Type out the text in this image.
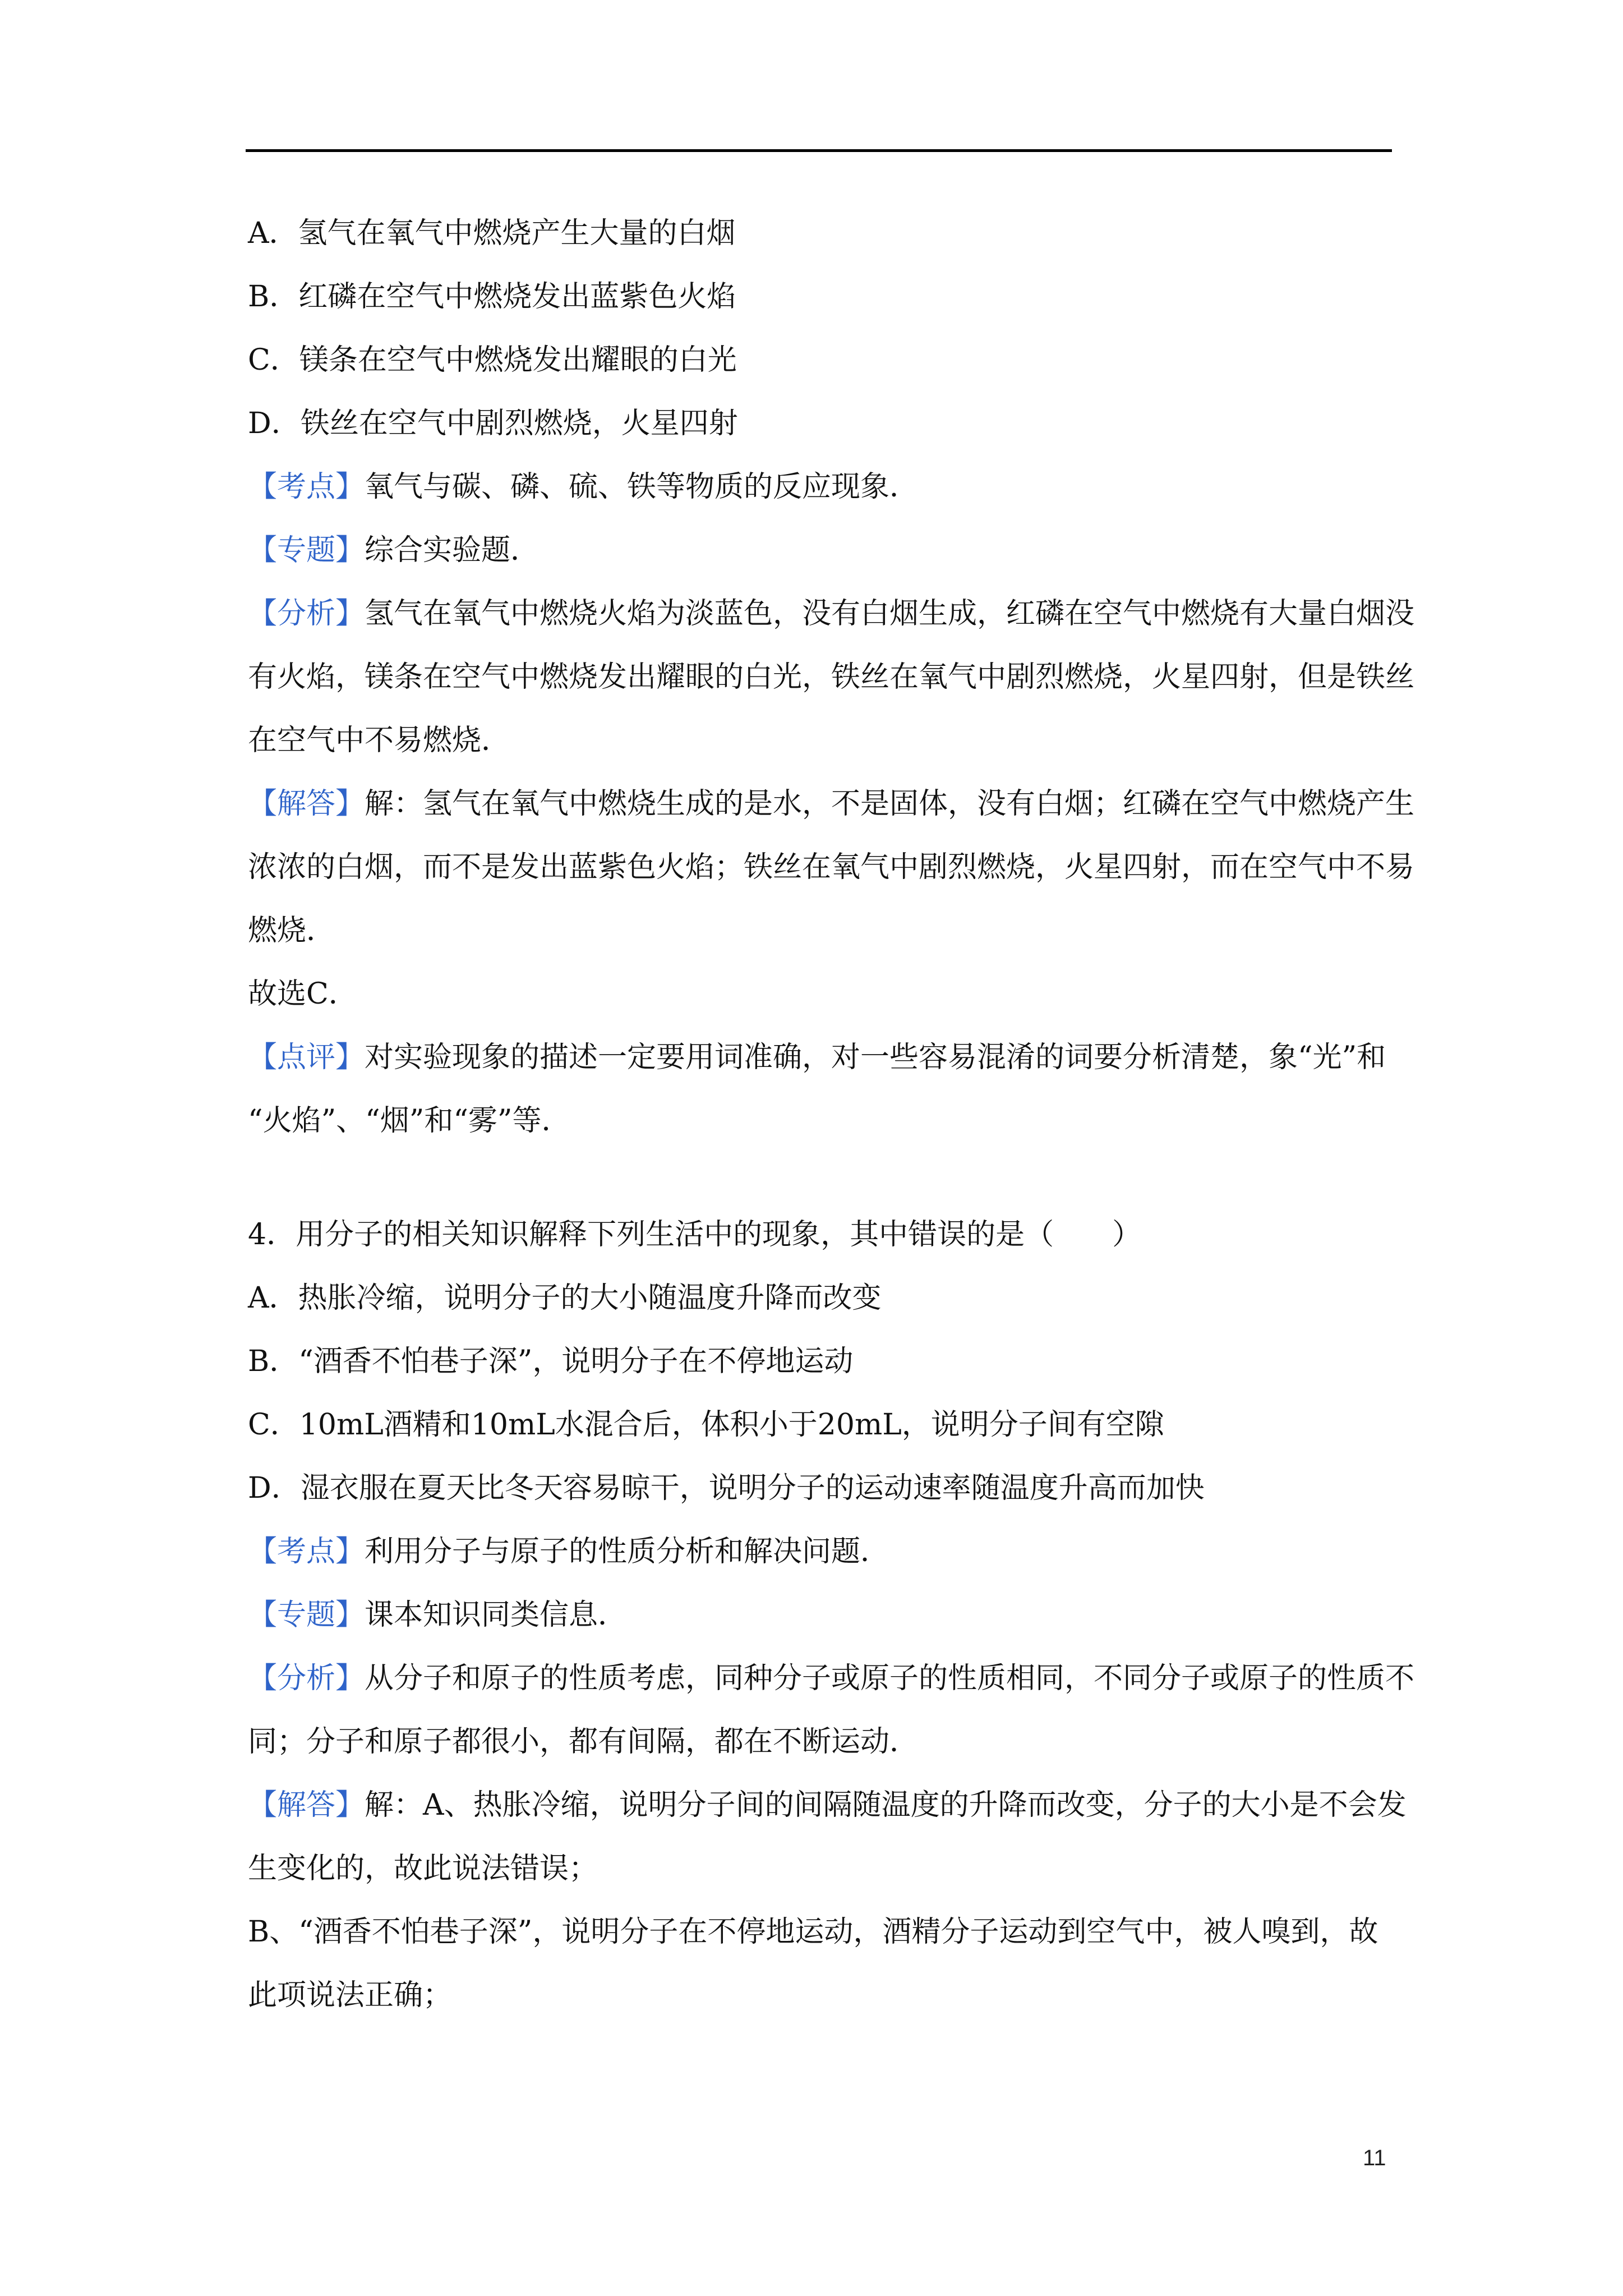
A．氢气在氧气中燃烧产生大量的白烟
B．红磷在空气中燃烧发出蓝紫色火焰
C．镁条在空气中燃烧发出耀眼的白光
D．铁丝在空气中剧烈燃烧，火星四射
【考点】氧气与碳、磷、硫、铁等物质的反应现象．
【专题】综合实验题．
【分析】氢气在氧气中燃烧火焰为淡蓝色，没有白烟生成，红磷在空气中燃烧有大量白烟没
有火焰，镁条在空气中燃烧发出耀眼的白光，铁丝在氧气中剧烈燃烧，火星四射，但是铁丝
在空气中不易燃烧．
【解答】解：氢气在氧气中燃烧生成的是水，不是固体，没有白烟；红磷在空气中燃烧产生
浓浓的白烟，而不是发出蓝紫色火焰；铁丝在氧气中剧烈燃烧，火星四射，而在空气中不易
燃烧．
故选C．
【点评】对实验现象的描述一定要用词准确，对一些容易混淆的词要分析清楚，象“光”和
“火焰”、“烟”和“雾”等．
4．用分子的相关知识解释下列生活中的现象，其中错误的是（　　）
A．热胀冷缩，说明分子的大小随温度升降而改变
B．“酒香不怕巷子深”，说明分子在不停地运动
C．10mL酒精和10mL水混合后，体积小于20mL，说明分子间有空隙
D．湿衣服在夏天比冬天容易晾干，说明分子的运动速率随温度升高而加快
【考点】利用分子与原子的性质分析和解决问题．
【专题】课本知识同类信息．
【分析】从分子和原子的性质考虑，同种分子或原子的性质相同，不同分子或原子的性质不
同；分子和原子都很小，都有间隔，都在不断运动．
【解答】解：A、热胀冷缩，说明分子间的间隔随温度的升降而改变，分子的大小是不会发
生变化的，故此说法错误；
B、“酒香不怕巷子深”，说明分子在不停地运动，酒精分子运动到空气中，被人嗅到，故
此项说法正确；
11
